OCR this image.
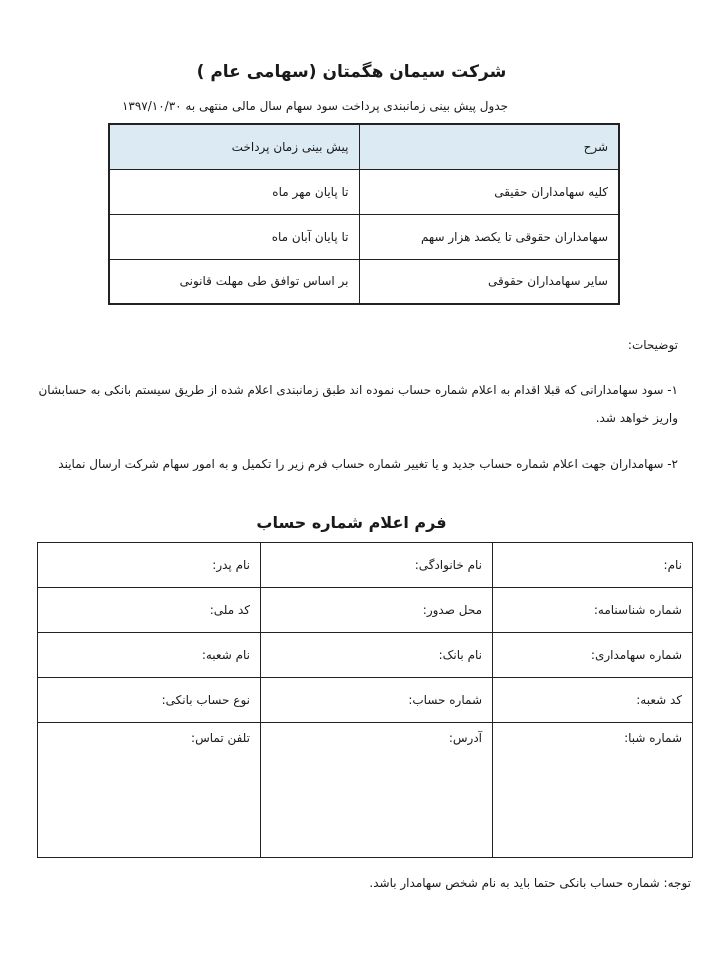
شرکت سیمان هگمتان (سهامی عام )
جدول پیش بینی زمانبندی پرداخت سود سهام سال مالی منتهی به ۱۳۹۷/۱۰/۳۰
شرح	پیش بینی زمان پرداخت
کلیه سهامداران حقیقی	تا پایان مهر ماه
سهامداران حقوقی تا یکصد هزار سهم	تا پایان آبان ماه
سایر سهامداران حقوقی	بر اساس توافق طی مهلت قانونی
توضیحات:
۱- سود سهامدارانی که قبلا اقدام به اعلام شماره حساب نموده اند طبق زمانبندی اعلام شده از طریق سیستم بانکی به حسابشان واریز خواهد شد.
۲- سهامداران جهت اعلام شماره حساب جدید و یا تغییر شماره حساب فرم زیر را تکمیل و به امور سهام شرکت ارسال نمایند
فرم اعلام شماره حساب
نام:	نام خانوادگی:	نام پدر:
شماره شناسنامه:	محل صدور:	کد ملی:
شماره سهامداری:	نام بانک:	نام شعبه:
کد شعبه:	شماره حساب:	نوع حساب بانکی:
شماره شبا:	آدرس:	تلفن تماس:
توجه: شماره حساب بانکی حتما باید به نام شخص سهامدار باشد.
